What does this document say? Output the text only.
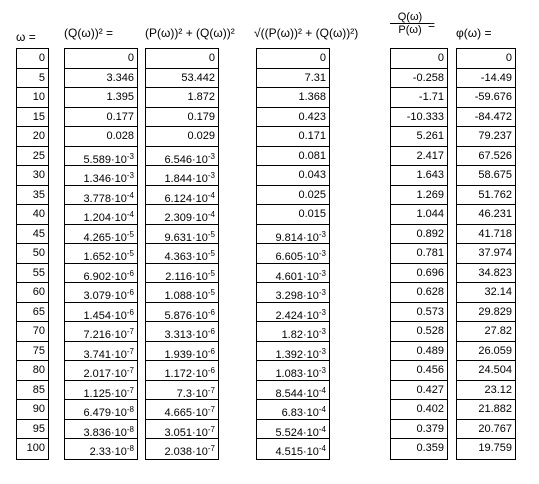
ω = (Q(ω))² =	(P(ω))² + (Q(ω))² √((P(ω))² + (Q(ω))²)	$\frac{Q(\omega)}{P(\omega)}$
=
φ(ω) =
0
5
10
15
20
25
30
35
40
45
50
55
60
65
70
75
80
85
90
95
100
0
3.346
1.395
0.177
0.028
$5.589\cdot 10^{-3}$
$1.346\cdot 10^{-3}$
$3.778\cdot 10^{-4}$
$1.204\cdot 10^{-4}$
$4.265\cdot 10^{-5}$
$1.652\cdot 10^{-5}$
$6.902\cdot 10^{-6}$
$3.079\cdot 10^{-6}$
$1.454\cdot 10^{-6}$
$7.216\cdot 10^{-7}$
$3.741\cdot 10^{-7}$
$2.017\cdot 10^{-7}$
$1.125\cdot 10^{-7}$
$6.479\cdot 10^{-8}$
$3.836\cdot 10^{-8}$
$2.33\cdot 10^{-8}$
0
53.442
1.872
0.179
0.029
$6.546\cdot 10^{-3}$
$1.844\cdot 10^{-3}$
$6.124\cdot 10^{-4}$
$2.309\cdot 10^{-4}$
$9.631\cdot 10^{-5}$
$4.363\cdot 10^{-5}$
$2.116\cdot 10^{-5}$
$1.088\cdot 10^{-5}$
$5.876\cdot 10^{-6}$
$3.313\cdot 10^{-6}$
$1.939\cdot 10^{-6}$
$1.172\cdot 10^{-6}$
$7.3\cdot 10^{-7}$
$4.665\cdot 10^{-7}$
$3.051\cdot 10^{-7}$
$2.038\cdot 10^{-7}$
0
7.31
1.368
0.423
0.171
0.081
0.043
0.025
0.015
$9.814\cdot 10^{-3}$
$6.605\cdot 10^{-3}$
$4.601\cdot 10^{-3}$
$3.298\cdot 10^{-3}$
$2.424\cdot 10^{-3}$
$1.82\cdot 10^{-3}$
$1.392\cdot 10^{-3}$
$1.083\cdot 10^{-3}$
$8.544\cdot 10^{-4}$
$6.83\cdot 10^{-4}$
$5.524\cdot 10^{-4}$
$4.515\cdot 10^{-4}$
0
-0.258
-1.71
-10.333
5.261
2.417
1.643
1.269
1.044
0.892
0.781
0.696
0.628
0.573
0.528
0.489
0.456
0.427
0.402
0.379
0.359
0
-14.49
-59.676
-84.472
79.237
67.526
58.675
51.762
46.231
41.718
37.974
34.823
32.14
29.829
27.82
26.059
24.504
23.12
21.882
20.767
19.759
